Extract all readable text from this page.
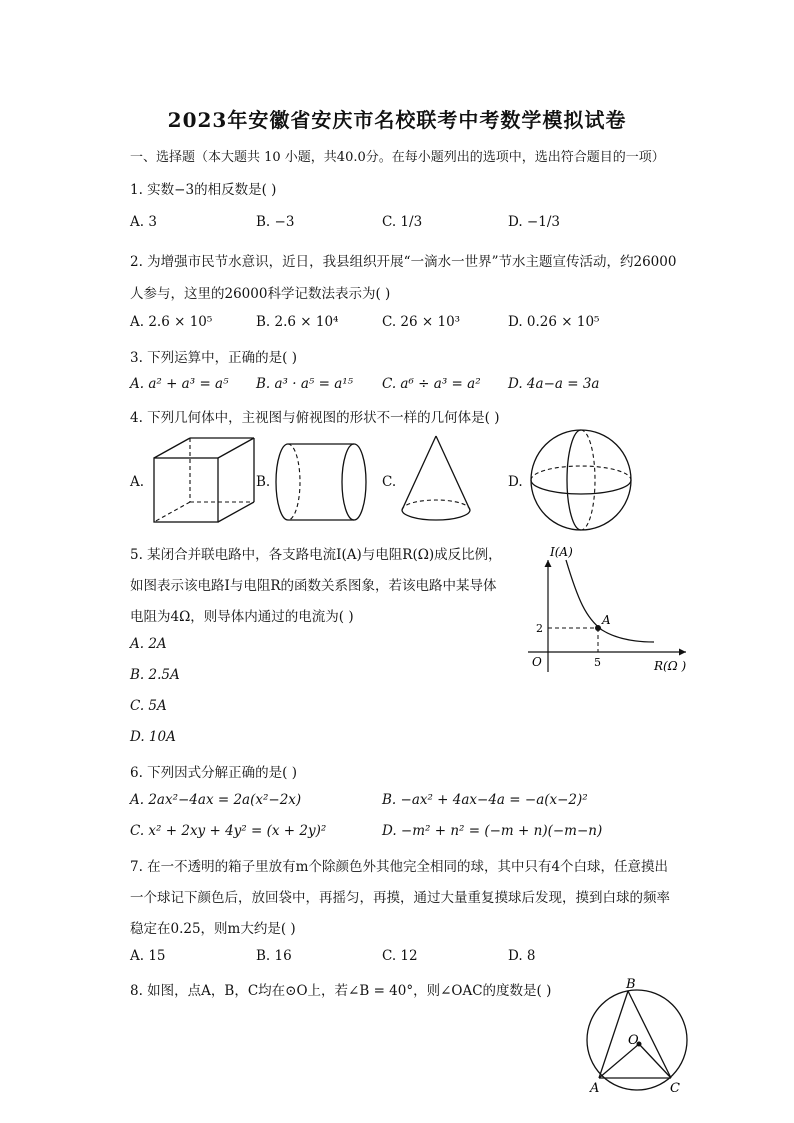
2023年安徽省安庆市名校联考中考数学模拟试卷
一、选择题（本大题共 10 小题，共40.0分。在每小题列出的选项中，选出符合题目的一项）
1. 实数−3的相反数是( )
A. 3	B. −3	C. 1/3	D. −1/3
2. 为增强市民节水意识，近日，我县组织开展“一滴水一世界”节水主题宣传活动，约26000
人参与，这里的26000科学记数法表示为( )
A. 2.6 × 10⁵	B. 2.6 × 10⁴	C. 26 × 10³	D. 0.26 × 10⁵
3. 下列运算中，正确的是( )
A. a² + a³ = a⁵ B. a³ · a⁵ = a¹⁵ C. a⁶ ÷ a³ = a² D. 4a−a = 3a
4. 下列几何体中，主视图与俯视图的形状不一样的几何体是( )
A.	B.	C.	D.
5. 某闭合并联电路中，各支路电流I(A)与电阻R(Ω)成反比例，
如图表示该电路I与电阻R的函数关系图象，若该电路中某导体
电阻为4Ω，则导体内通过的电流为( )
A. 2A
B. 2.5A
C. 5A
D. 10A
I(A)
R(Ω )
O
A
5
2
6. 下列因式分解正确的是( )
A. 2ax²−4ax = 2a(x²−2x)	B. −ax² + 4ax−4a = −a(x−2)²
C. x² + 2xy + 4y² = (x + 2y)²	D. −m² + n² = (−m + n)(−m−n)
7. 在一不透明的箱子里放有m个除颜色外其他完全相同的球，其中只有4个白球，任意摸出
一个球记下颜色后，放回袋中，再摇匀，再摸，通过大量重复摸球后发现，摸到白球的频率
稳定在0.25，则m大约是( )
A. 15	B. 16	C. 12	D. 8
8. 如图，点A，B，C均在⊙O上，若∠B = 40°，则∠OAC的度数是( )	B
O
A	C
